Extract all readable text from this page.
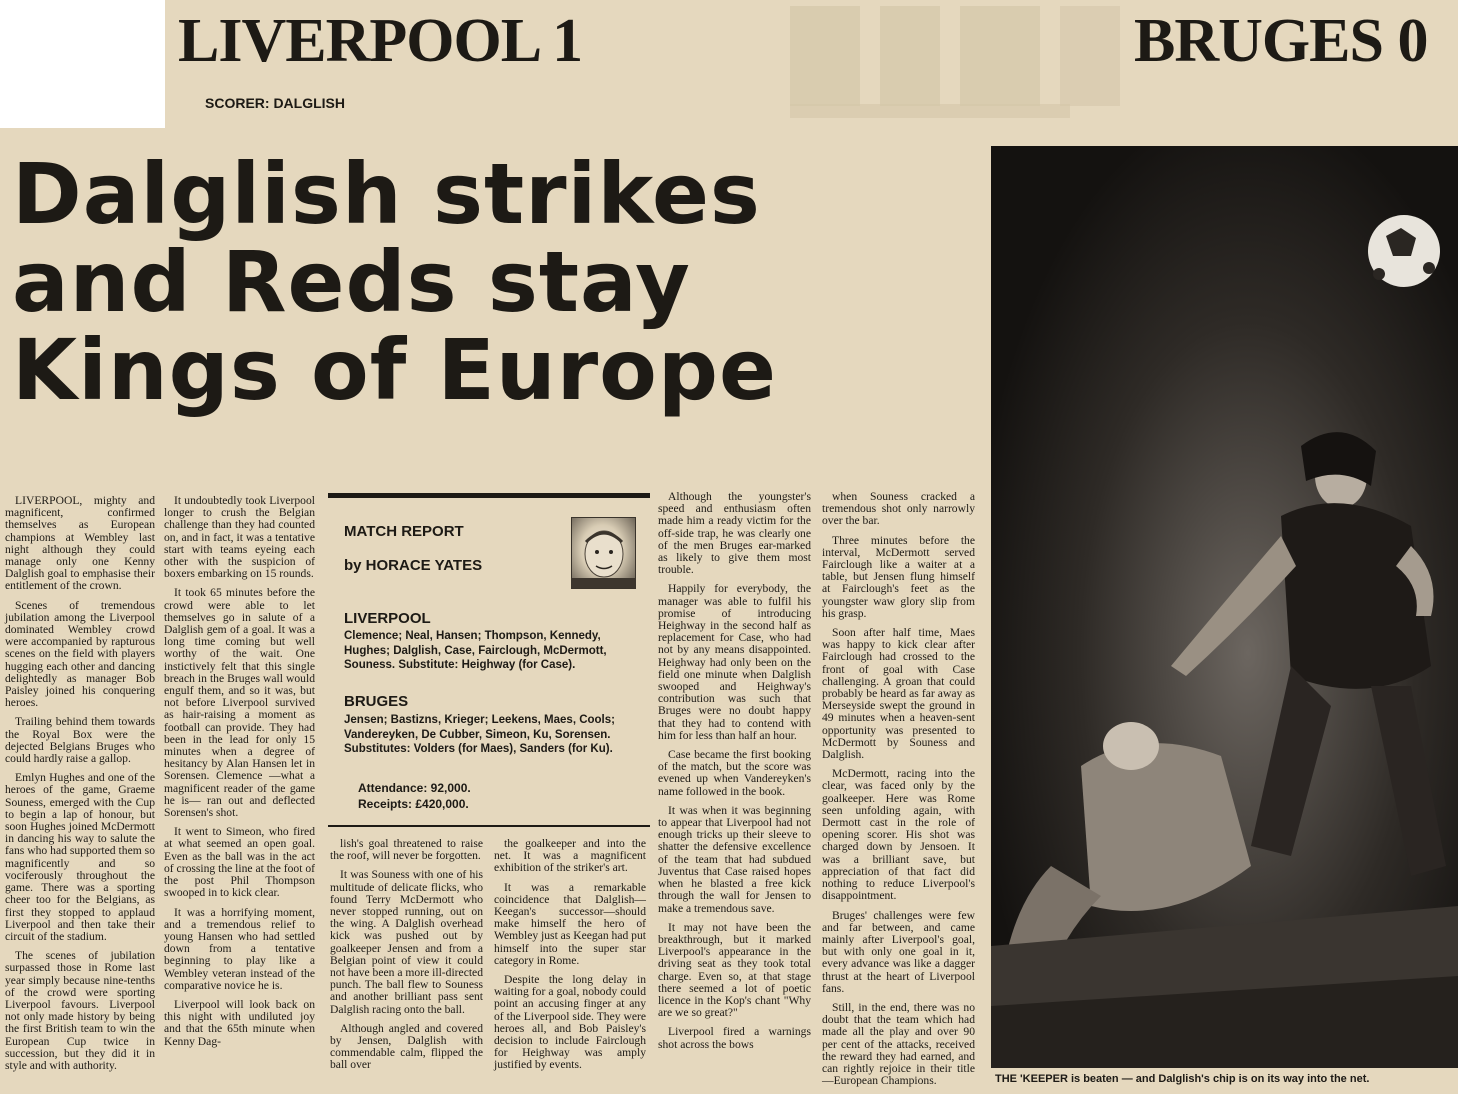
LIVERPOOL 1	BRUGES 0
SCORER: DALGLISH
Dalglish strikes
and Reds stay
Kings of Europe

LIVERPOOL, mighty and magnificent, confirmed themselves as European champions at Wembley last night although they could manage only one Kenny Dalglish goal to emphasise their entitlement of the crown.

Scenes of tremendous jubilation among the Liverpool dominated Wembley crowd were accompanied by rapturous scenes on the field with players hugging each other and dancing delightedly as manager Bob Paisley joined his conquering heroes.

Trailing behind them towards the Royal Box were the dejected Belgians Bruges who could hardly raise a gallop.

Emlyn Hughes and one of the heroes of the game, Graeme Souness, emerged with the Cup to begin a lap of honour, but soon Hughes joined McDermott in dancing his way to salute the fans who had supported them so magnificently and so vociferously throughout the game. There was a sporting cheer too for the Belgians, as first they stopped to applaud Liverpool and then take their circuit of the stadium.

The scenes of jubilation surpassed those in Rome last year simply because nine-tenths of the crowd were sporting Liverpool favours. Liverpool not only made history by being the first British team to win the European Cup twice in succession, but they did it in style and with authority.

It undoubtedly took Liverpool longer to crush the Belgian challenge than they had counted on, and in fact, it was a tentative start with teams eyeing each other with the suspicion of boxers embarking on 15 rounds.

It took 65 minutes before the crowd were able to let themselves go in salute of a Dalglish gem of a goal. It was a long time coming but well worthy of the wait. One instictively felt that this single breach in the Bruges wall would engulf them, and so it was, but not before Liverpool survived as hair-raising a moment as football can provide. They had been in the lead for only 15 minutes when a degree of hesitancy by Alan Hansen let in Sorensen. Clemence —what a magnificent reader of the game he is— ran out and deflected Sorensen's shot.

It went to Simeon, who fired at what seemed an open goal. Even as the ball was in the act of crossing the line at the foot of the post Phil Thompson swooped in to kick clear.

It was a horrifying moment, and a tremendous relief to young Hansen who had settled down from a tentative beginning to play like a Wembley veteran instead of the comparative novice he is.

Liverpool will look back on this night with undiluted joy and that the 65th minute when Kenny Dag-

MATCH REPORT
by HORACE YATES
LIVERPOOL
Clemence; Neal, Hansen; Thompson, Kennedy, Hughes; Dalglish, Case, Fairclough, McDermott, Souness. Substitute: Heighway (for Case).
BRUGES
Jensen; Bastizns, Krieger; Leekens, Maes, Cools; Vandereyken, De Cubber, Simeon, Ku, Sorensen. Substitutes: Volders (for Maes), Sanders (for Ku).
Attendance: 92,000.
Receipts: £420,000.

lish's goal threatened to raise the roof, will never be forgotten.

It was Souness with one of his multitude of delicate flicks, who found Terry McDermott who never stopped running, out on the wing. A Dalglish overhead kick was pushed out by goalkeeper Jensen and from a Belgian point of view it could not have been a more ill-directed punch. The ball flew to Souness and another brilliant pass sent Dalglish racing onto the ball.

Although angled and covered by Jensen, Dalglish with commendable calm, flipped the ball over

the goalkeeper and into the net. It was a magnificent exhibition of the striker's art.

It was a remarkable coincidence that Dalglish—Keegan's successor—should make himself the hero of Wembley just as Keegan had put himself into the super star category in Rome.

Despite the long delay in waiting for a goal, nobody could point an accusing finger at any of the Liverpool side. They were heroes all, and Bob Paisley's decision to include Fairclough for Heighway was amply justified by events.

Although the youngster's speed and enthusiasm often made him a ready victim for the off-side trap, he was clearly one of the men Bruges ear-marked as likely to give them most trouble.

Happily for everybody, the manager was able to fulfil his promise of introducing Heighway in the second half as replacement for Case, who had not by any means disappointed. Heighway had only been on the field one minute when Dalglish swooped and Heighway's contribution was such that Bruges were no doubt happy that they had to contend with him for less than half an hour.

Case became the first booking of the match, but the score was evened up when Vandereyken's name followed in the book.

It was when it was beginning to appear that Liverpool had not enough tricks up their sleeve to shatter the defensive excellence of the team that had subdued Juventus that Case raised hopes when he blasted a free kick through the wall for Jensen to make a tremendous save.

It may not have been the breakthrough, but it marked Liverpool's appearance in the driving seat as they took total charge. Even so, at that stage there seemed a lot of poetic licence in the Kop's chant "Why are we so great?"

Liverpool fired a warnings shot across the bows

when Souness cracked a tremendous shot only narrowly over the bar.

Three minutes before the interval, McDermott served Fairclough like a waiter at a table, but Jensen flung himself at Fairclough's feet as the youngster waw glory slip from his grasp.

Soon after half time, Maes was happy to kick clear after Fairclough had crossed to the front of goal with Case challenging. A groan that could probably be heard as far away as Merseyside swept the ground in 49 minutes when a heaven-sent opportunity was presented to McDermott by Souness and Dalglish.

McDermott, racing into the clear, was faced only by the goalkeeper. Here was Rome seen unfolding again, with Dermott cast in the role of opening scorer. His shot was charged down by Jensoen. It was a brilliant save, but appreciation of that fact did nothing to reduce Liverpool's disappointment.

Bruges' challenges were few and far between, and came mainly after Liverpool's goal, but with only one goal in it, every advance was like a dagger thrust at the heart of Liverpool fans.

Still, in the end, there was no doubt that the team which had made all the play and over 90 per cent of the attacks, received the reward they had earned, and can rightly rejoice in their title —European Champions.	THE 'KEEPER is beaten — and Dalglish's chip is on its way into the net.
